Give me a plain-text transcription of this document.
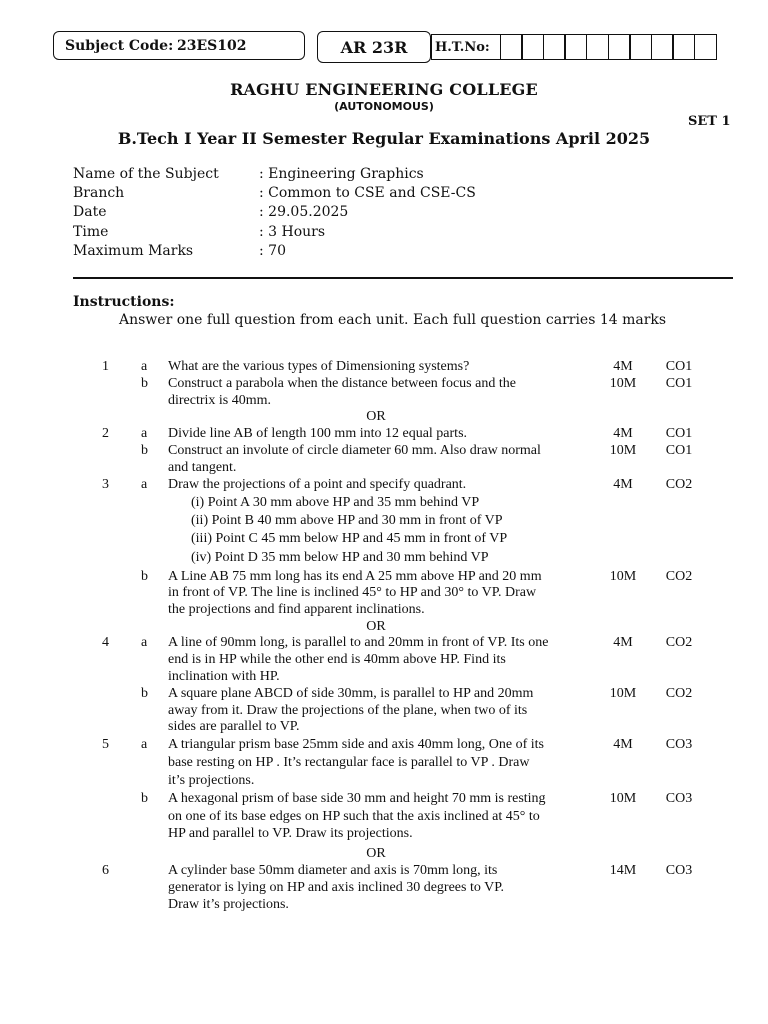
Subject Code:
23ES102	AR 23R	H.T.No:
RAGHU ENGINEERING COLLEGE
(AUTONOMOUS)
SET 1
B.Tech I Year II Semester Regular Examinations April 2025
Name of the Subject	: Engineering Graphics
Branch	: Common to CSE and CSE-CS
Date	: 29.05.2025
Time	: 3 Hours
Maximum Marks	: 70
Instructions:
Answer one full question from each unit. Each full question carries 14 marks
1 a What are the various types of Dimensioning systems?	4M	CO1
b Construct a parabola when the distance between focus and the
directrix is 40mm.
10M CO1
OR
2 a Divide line AB of length 100 mm into 12 equal parts.	4M	CO1
b Construct an involute of circle diameter 60 mm. Also draw normal
and tangent.
10M CO1
3 a Draw the projections of a point and specify quadrant.	4M	CO2
(i) Point A 30 mm above HP and 35 mm behind VP
(ii) Point B 40 mm above HP and 30 mm in front of VP
(iii) Point C 45 mm below HP and 45 mm in front of VP
(iv) Point D 35 mm below HP and 30 mm behind VP
b A Line AB 75 mm long has its end A 25 mm above HP and 20 mm
in front of VP. The line is inclined 45° to HP and 30° to VP. Draw
the projections and find apparent inclinations.
10M CO2
OR
4 a A line of 90mm long, is parallel to and 20mm in front of VP. Its one
end is in HP while the other end is 40mm above HP. Find its
inclination with HP.
4M	CO2
b A square plane ABCD of side 30mm, is parallel to HP and 20mm
away from it. Draw the projections of the plane, when two of its
sides are parallel to VP.
10M CO2
5 a A triangular prism base 25mm side and axis 40mm long, One of its
base resting on HP . It’s rectangular face is parallel to VP . Draw
it’s projections.
4M	CO3
b A hexagonal prism of base side 30 mm and height 70 mm is resting
on one of its base edges on HP such that the axis inclined at 45° to
HP and parallel to VP. Draw its projections.
10M CO3
OR
6	A cylinder base 50mm diameter and axis is 70mm long, its
generator is lying on HP and axis inclined 30 degrees to VP.
Draw it’s projections.
14M CO3
